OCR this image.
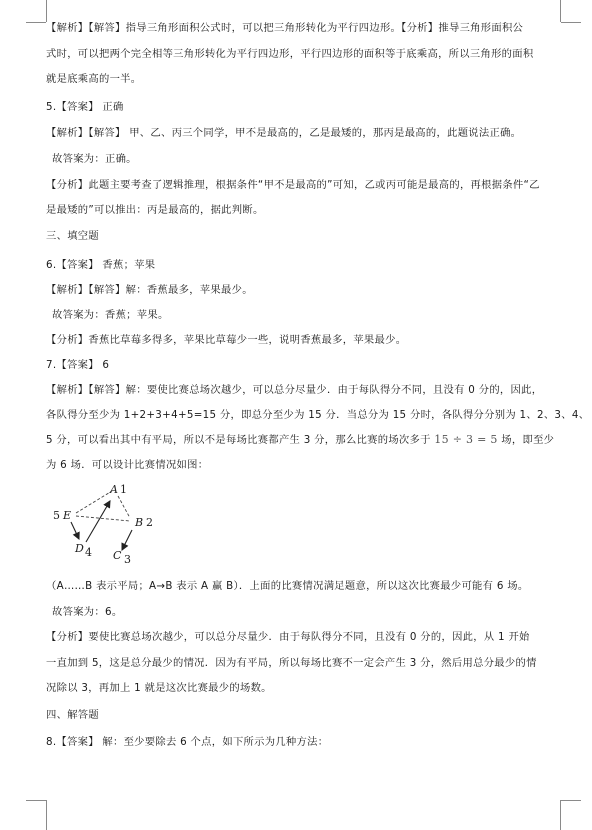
【解析】【解答】指导三角形面积公式时，可以把三角形转化为平行四边形。【分析】推导三角形面积公
式时，可以把两个完全相等三角形转化为平行四边形，平行四边形的面积等于底乘高，所以三角形的面积
就是底乘高的一半。
5.【答案】 正确
【解析】【解答】 甲、乙、丙三个同学，甲不是最高的，乙是最矮的，那丙是最高的，此题说法正确。
故答案为：正确。
【分析】此题主要考查了逻辑推理，根据条件“甲不是最高的”可知，乙或丙可能是最高的，再根据条件“乙
是最矮的”可以推出：丙是最高的，据此判断。
三、填空题
6.【答案】 香蕉；苹果
【解析】【解答】解：香蕉最多，苹果最少。
故答案为：香蕉；苹果。
【分析】香蕉比草莓多得多，苹果比草莓少一些，说明香蕉最多，苹果最少。
7.【答案】 6
【解析】【解答】解：要使比赛总场次越少，可以总分尽量少．由于每队得分不同，且没有 0 分的，因此，
各队得分至少为 1+2+3+4+5=15 分，即总分至少为 15 分．当总分为 15 分时，各队得分分别为 1、2、3、4、
5 分，可以看出其中有平局，所以不是每场比赛都产生 3 分，那么比赛的场次多于 15 ÷ 3 = 5 场，即至少
为 6 场．可以设计比赛情况如图：
A 1
B 2
C 3
D 4
5 E
（A……B 表示平局；A→B 表示 A 赢 B）．上面的比赛情况满足题意，所以这次比赛最少可能有 6 场。
故答案为：6。
【分析】要使比赛总场次越少，可以总分尽量少．由于每队得分不同，且没有 0 分的，因此，从 1 开始
一直加到 5，这是总分最少的情况．因为有平局，所以每场比赛不一定会产生 3 分，然后用总分最少的情
况除以 3，再加上 1 就是这次比赛最少的场数。
四、解答题
8.【答案】 解：至少要除去 6 个点，如下所示为几种方法：
